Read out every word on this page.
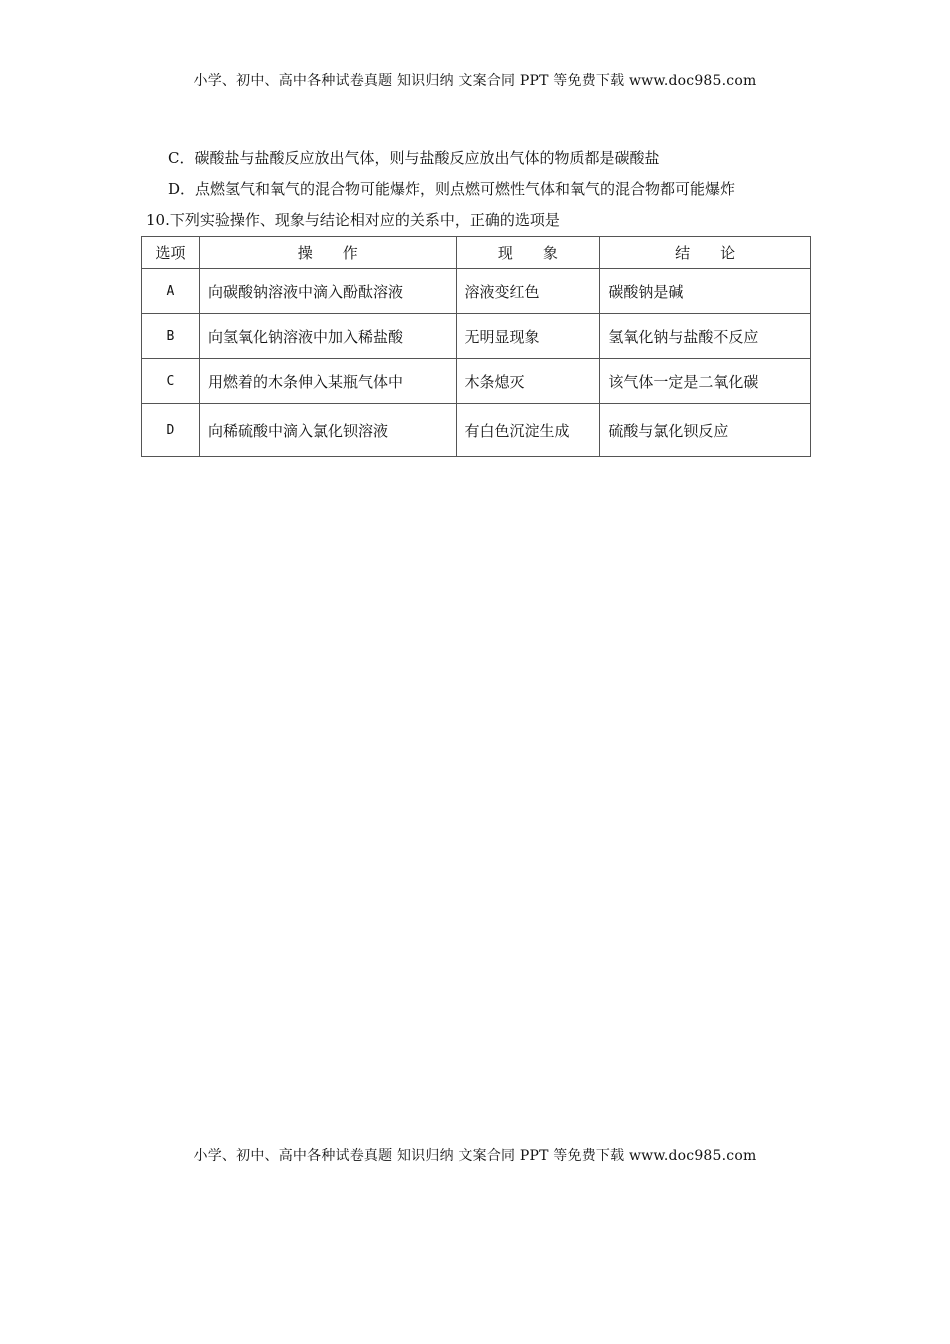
小学、初中、高中各种试卷真题 知识归纳 文案合同 PPT 等免费下载 www.doc985.com
C．碳酸盐与盐酸反应放出气体，则与盐酸反应放出气体的物质都是碳酸盐
D．点燃氢气和氧气的混合物可能爆炸，则点燃可燃性气体和氧气的混合物都可能爆炸
10.下列实验操作、现象与结论相对应的关系中，正确的选项是
选项	操　　作	现　　象	结　　论
A	向碳酸钠溶液中滴入酚酞溶液	溶液变红色	碳酸钠是碱
B	向氢氧化钠溶液中加入稀盐酸	无明显现象	氢氧化钠与盐酸不反应
C	用燃着的木条伸入某瓶气体中	木条熄灭	该气体一定是二氧化碳
D	向稀硫酸中滴入氯化钡溶液	有白色沉淀生成	硫酸与氯化钡反应
小学、初中、高中各种试卷真题 知识归纳 文案合同 PPT 等免费下载 www.doc985.com
